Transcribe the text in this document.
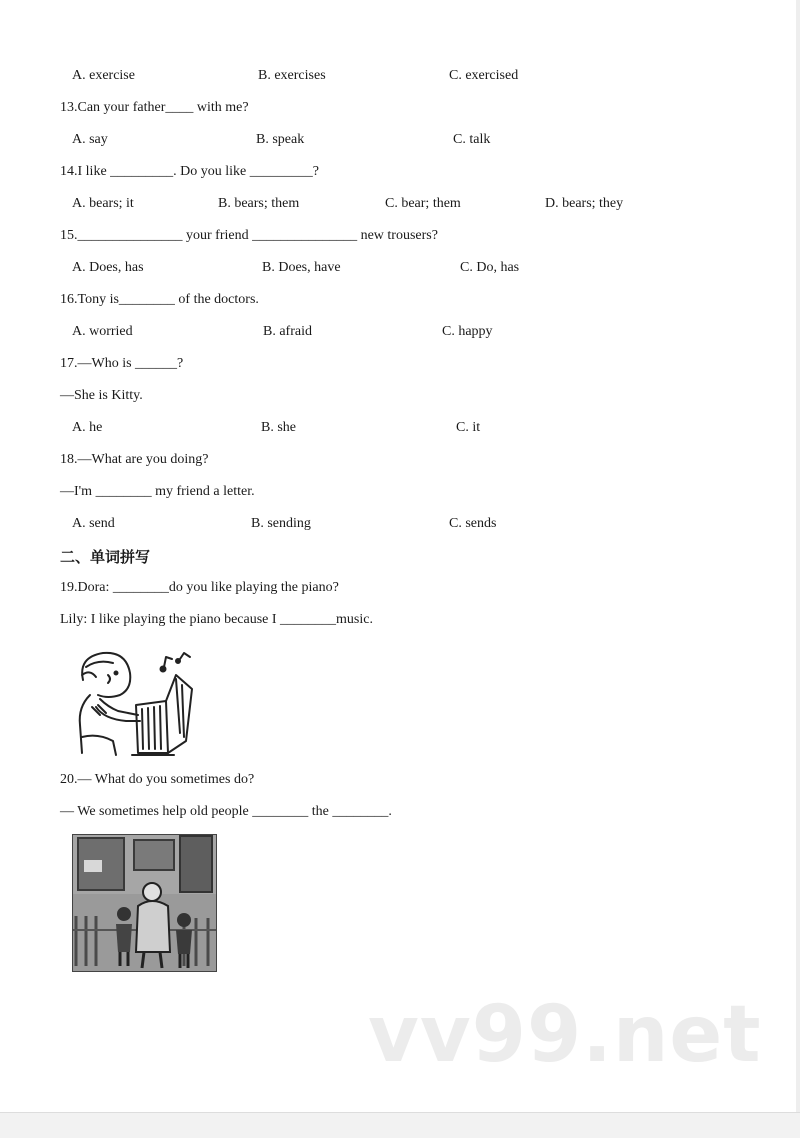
A. exercise	B. exercises	C. exercised
13.Can your father____ with me?
A. say	B. speak	C. talk
14.I like _________. Do you like _________?
A. bears; it	B. bears; them	C. bear; them	D. bears; they
15._______________ your friend _______________ new trousers?
A. Does, has	B. Does, have	C. Do, has
16.Tony is________ of the doctors.
A. worried	B. afraid	C. happy
17.—Who is ______?
—She is Kitty.
A. he	B. she	C. it
18.—What are you doing?
—I'm ________ my friend a letter.
A. send	B. sending	C. sends
二、单词拼写
19.Dora: ________do you like playing the piano?
Lily: I like playing the piano because I ________music.
20.— What do you sometimes do?
— We sometimes help old people ________ the ________.
vv99.net
